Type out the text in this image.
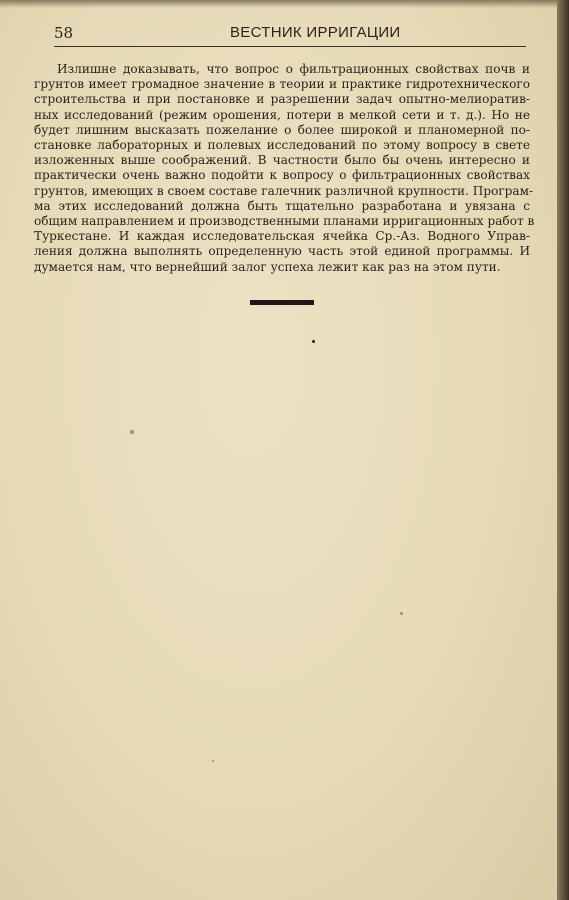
58	ВЕСТНИК ИРРИГАЦИИ
Излишне доказывать, что вопрос о фильтрационных свойствах почв и
грунтов имеет громадное значение в теории и практике гидротехнического
строительства и при постановке и разрешении задач опытно-мелиоратив-
ных исследований (режим орошения, потери в мелкой сети и т. д.). Но не
будет лишним высказать пожелание о более широкой и планомерной по-
становке лабораторных и полевых исследований по этому вопросу в свете
изложенных выше соображений. В частности было бы очень интересно и
практически очень важно подойти к вопросу о фильтрационных свойствах
грунтов, имеющих в своем составе галечник различной крупности. Програм-
ма этих исследований должна быть тщательно разработана и увязана с
общим направлением и производственными планами ирригационных работ в
Туркестане. И каждая исследовательская ячейка Ср.-Аз. Водного Управ-
ления должна выполнять определенную часть этой единой программы. И
думается нам, что вернейший залог успеха лежит как раз на этом пути.
